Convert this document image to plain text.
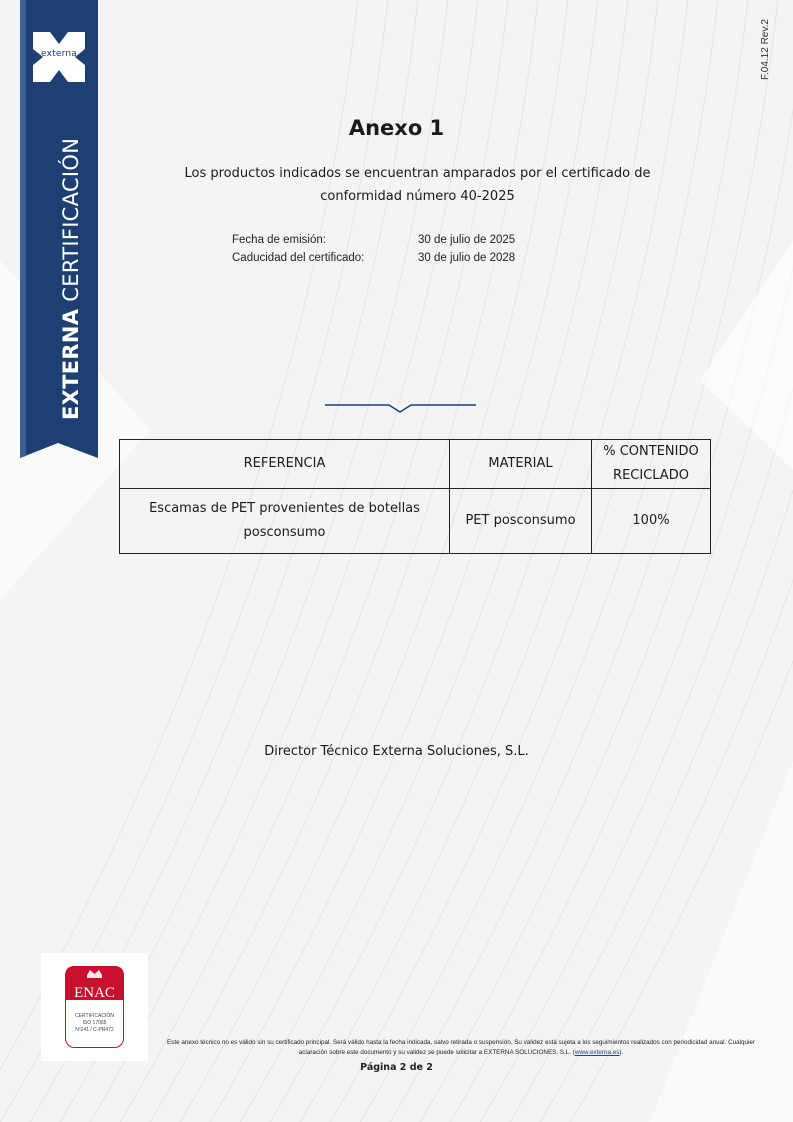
externa
EXTERNA CERTIFICACIÓN
F.04.12 Rev.2
Anexo 1
Los productos indicados se encuentran amparados por el certificado de
conformidad número 40-2025
Fecha de emisión:	30 de julio de 2025
Caducidad del certificado:	30 de julio de 2028
REFERENCIA	MATERIAL	% CONTENIDO RECICLADO
Escamas de PET provenientes de botellas posconsumo	PET posconsumo	100%
Director Técnico Externa Soluciones, S.L.
ENAC
CERTIFICACIÓN
ISO 17065
Nº241 / C-PR472
Este anexo técnico no es válido sin su certificado principal. Será válido hasta la fecha indicada, salvo retirada o suspensión. Su validez está sujeta a los seguimientos realizados con periodicidad anual. Cualquier aclaración sobre este documento y su validez se puede solicitar a EXTERNA SOLUCIONES, S.L. (www.externa.es).
Página 2 de 2
